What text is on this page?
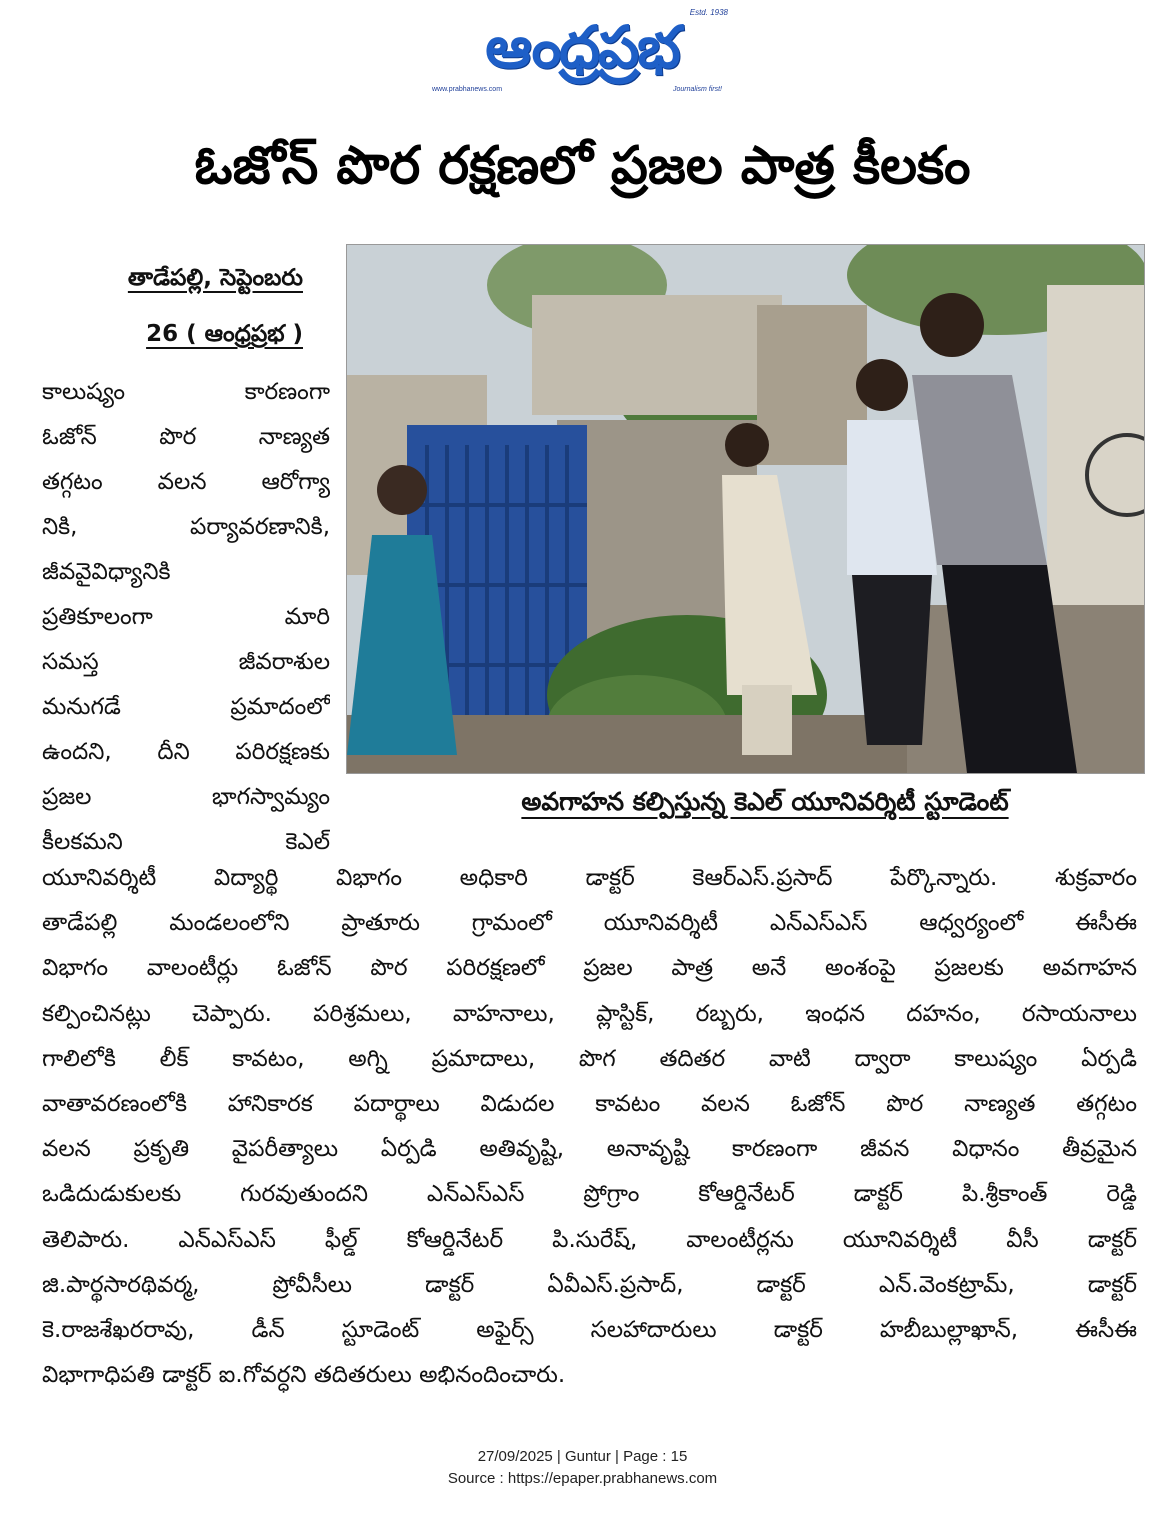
Estd. 1938
ఆంధ్రప్రభ
www.prabhanews.com	Journalism first!
ఓజోన్ పొర రక్షణలో ప్రజల పాత్ర కీలకం
తాడేపల్లి, సెప్టెంబరు
26 ( ఆంధ్రప్రభ )
కాలుష్యం కారణంగా
ఓజోన్ పొర నాణ్యత
తగ్గటం వలన ఆరోగ్యా
నికి, పర్యావరణానికి,
జీవవైవిధ్యానికి
ప్రతికూలంగా మారి
సమస్త జీవరాశుల
మనుగడే ప్రమాదంలో
ఉందని, దీని పరిరక్షణకు
ప్రజల భాగస్వామ్యం
కీలకమని కెఎల్
అవగాహన కల్పిస్తున్న కెఎల్ యూనివర్శిటీ స్టూడెంట్
యూనివర్శిటీ విద్యార్థి విభాగం అధికారి డాక్టర్ కెఆర్ఎస్.ప్రసాద్ పేర్కొన్నారు. శుక్రవారం
తాడేపల్లి మండలంలోని ప్రాతూరు గ్రామంలో యూనివర్శిటీ ఎన్ఎస్ఎస్ ఆధ్వర్యంలో ఈసీఈ
విభాగం వాలంటీర్లు ఓజోన్ పొర పరిరక్షణలో ప్రజల పాత్ర అనే అంశంపై ప్రజలకు అవగాహన
కల్పించినట్లు చెప్పారు. పరిశ్రమలు, వాహనాలు, ప్లాస్టిక్, రబ్బరు, ఇంధన దహనం, రసాయనాలు
గాలిలోకి లీక్ కావటం, అగ్ని ప్రమాదాలు, పొగ తదితర వాటి ద్వారా కాలుష్యం ఏర్పడి
వాతావరణంలోకి హానికారక పదార్థాలు విడుదల కావటం వలన ఓజోన్ పొర నాణ్యత తగ్గటం
వలన ప్రకృతి వైపరీత్యాలు ఏర్పడి అతివృష్టి, అనావృష్టి కారణంగా జీవన విధానం తీవ్రమైన
ఒడిదుడుకులకు గురవుతుందని ఎన్ఎస్ఎస్ ప్రోగ్రాం కోఆర్డినేటర్ డాక్టర్ పి.శ్రీకాంత్ రెడ్డి
తెలిపారు. ఎన్ఎస్ఎస్ ఫీల్డ్ కోఆర్డినేటర్ పి.సురేష్, వాలంటీర్లను యూనివర్శిటీ వీసీ డాక్టర్
జి.పార్థసారథివర్మ, ప్రోవీసీలు డాక్టర్ ఏవీఎస్.ప్రసాద్, డాక్టర్ ఎన్.వెంకట్రామ్, డాక్టర్
కె.రాజశేఖరరావు, డీన్ స్టూడెంట్ అఫైర్స్ సలహాదారులు డాక్టర్ హబీబుల్లాఖాన్, ఈసీఈ
విభాగాధిపతి డాక్టర్ ఐ.గోవర్ధని తదితరులు అభినందించారు.
27/09/2025 | Guntur | Page : 15
Source : https://epaper.prabhanews.com
